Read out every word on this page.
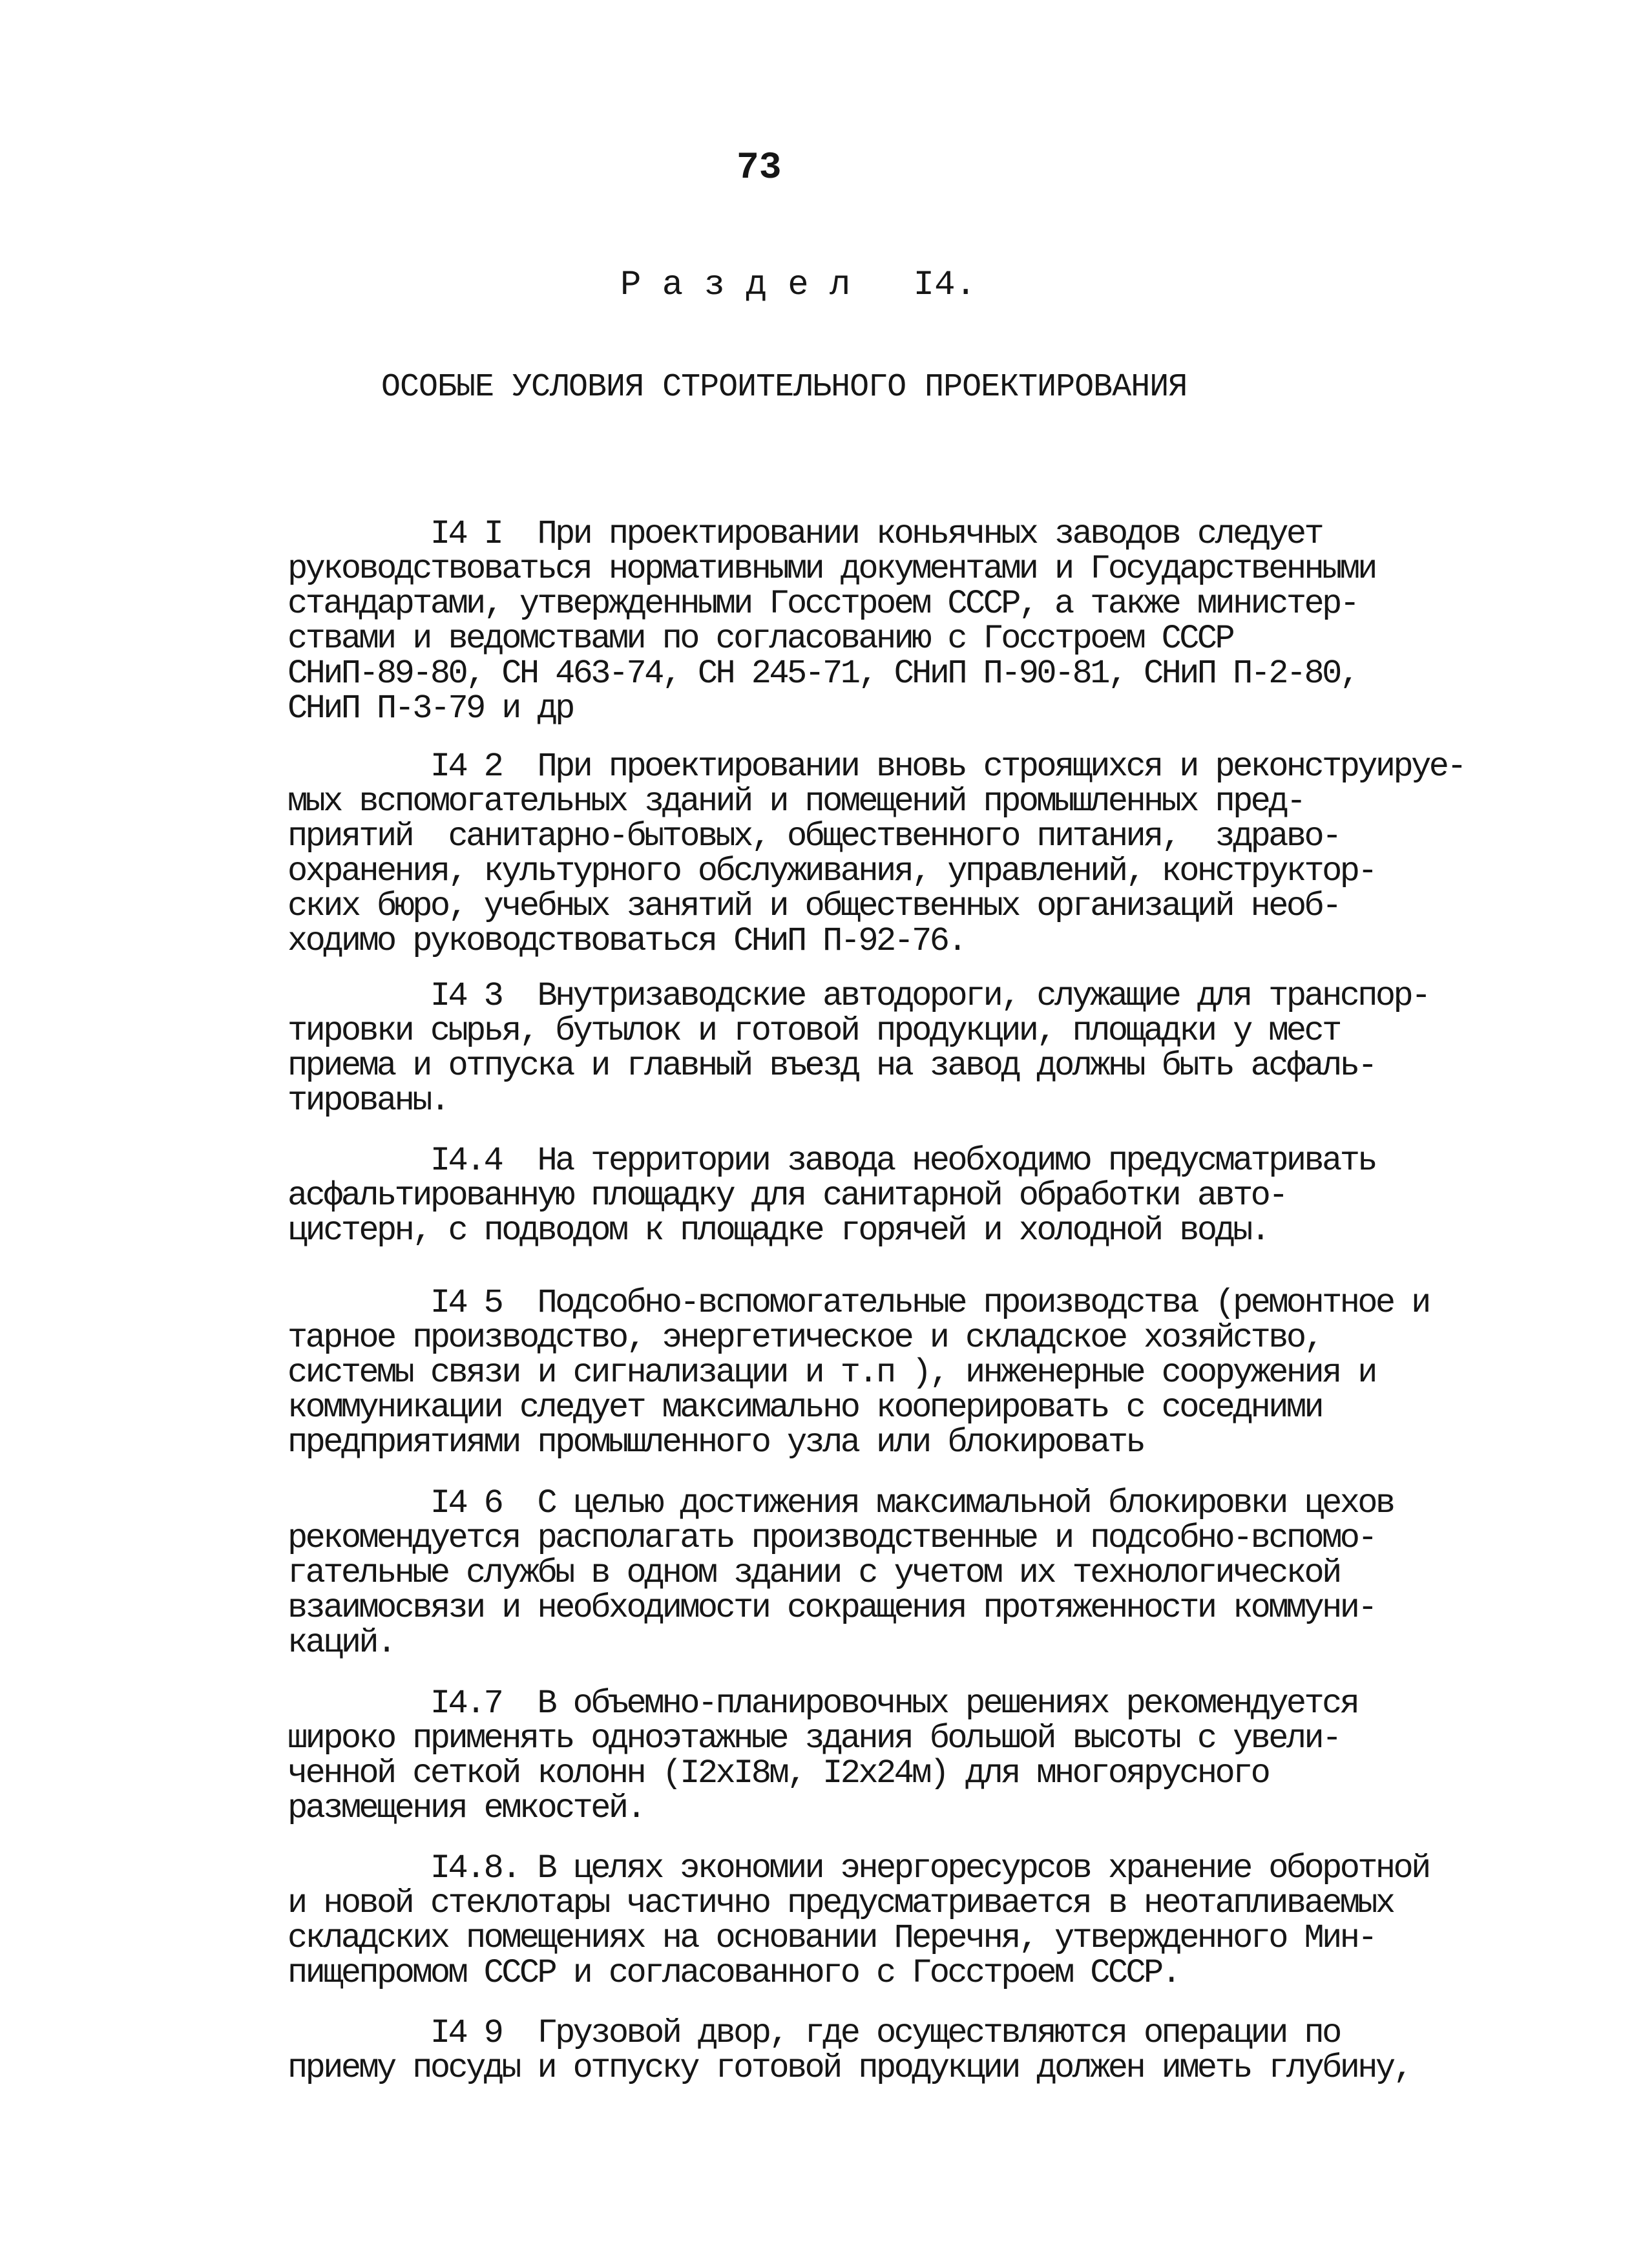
73
Р а з д е л   I4.
ОСОБЫЕ УСЛОВИЯ СТРОИТЕЛЬНОГО ПРОЕКТИРОВАНИЯ
I4 I  При проектировании коньячных заводов следует
руководствоваться нормативными документами и Государственными
стандартами, утвержденными Госстроем СССР, а также министер-
ствами и ведомствами по согласованию с Госстроем СССР
СНиП-89-80, СН 463-74, СН 245-71, СНиП П-90-81, СНиП П-2-80,
СНиП П-3-79 и др
I4 2  При проектировании вновь строящихся и реконструируе-
мых вспомогательных зданий и помещений промышленных пред-
приятий  санитарно-бытовых, общественного питания,  здраво-
охранения, культурного обслуживания, управлений, конструктор-
ских бюро, учебных занятий и общественных организаций необ-
ходимо руководствоваться СНиП П-92-76.
I4 3  Внутризаводские автодороги, служащие для транспор-
тировки сырья, бутылок и готовой продукции, площадки у мест
приема и отпуска и главный въезд на завод должны быть асфаль-
тированы.
I4.4  На территории завода необходимо предусматривать
асфальтированную площадку для санитарной обработки авто-
цистерн, с подводом к площадке горячей и холодной воды.
I4 5  Подсобно-вспомогательные производства (ремонтное и
тарное производство, энергетическое и складское хозяйство,
системы связи и сигнализации и т.п ), инженерные сооружения и
коммуникации следует максимально кооперировать с соседними
предприятиями промышленного узла или блокировать
I4 6  С целью достижения максимальной блокировки цехов
рекомендуется располагать производственные и подсобно-вспомо-
гательные службы в одном здании с учетом их технологической
взаимосвязи и необходимости сокращения протяженности коммуни-
каций.
I4.7  В объемно-планировочных решениях рекомендуется
широко применять одноэтажные здания большой высоты с увели-
ченной сеткой колонн (I2хI8м, I2х24м) для многоярусного
размещения емкостей.
I4.8. В целях экономии энергоресурсов хранение оборотной
и новой стеклотары частично предусматривается в неотапливаемых
складских помещениях на основании Перечня, утвержденного Мин-
пищепромом СССР и согласованного с Госстроем СССР.
I4 9  Грузовой двор, где осуществляются операции по
приему посуды и отпуску готовой продукции должен иметь глубину,
